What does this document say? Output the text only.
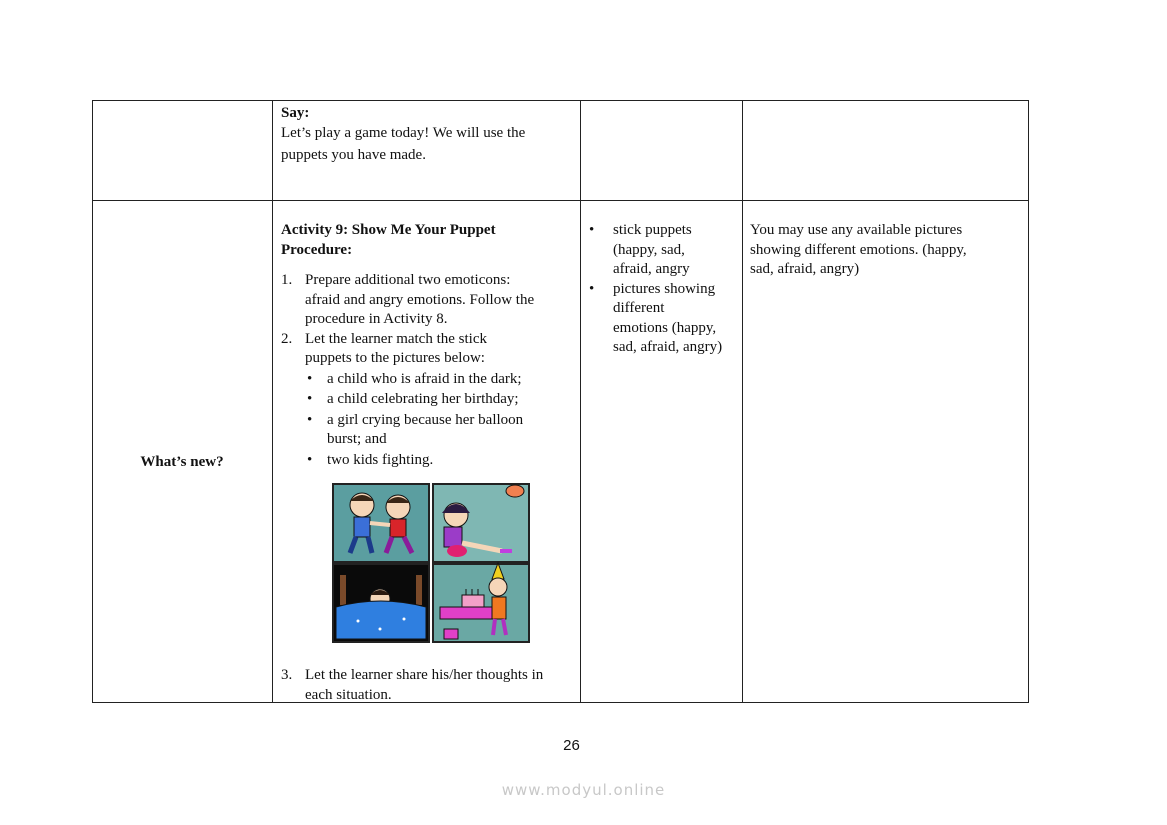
Say:
Let’s play a game today! We will use the
puppets you have made.
What’s new?
Activity 9: Show Me Your Puppet
Procedure:
1. Prepare additional two emoticons:
afraid and angry emotions. Follow the
procedure in Activity 8.
2. Let the learner match the stick
puppets to the pictures below:
• a child who is afraid in the dark;
• a child celebrating her birthday;
• a girl crying because her balloon
burst; and
• two kids fighting.
3. Let the learner share his/her thoughts in
each situation.
• stick puppets
(happy, sad,
afraid, angry
• pictures showing
different
emotions (happy,
sad, afraid, angry)
You may use any available pictures
showing different emotions. (happy,
sad, afraid, angry)
26
www.modyul.online
